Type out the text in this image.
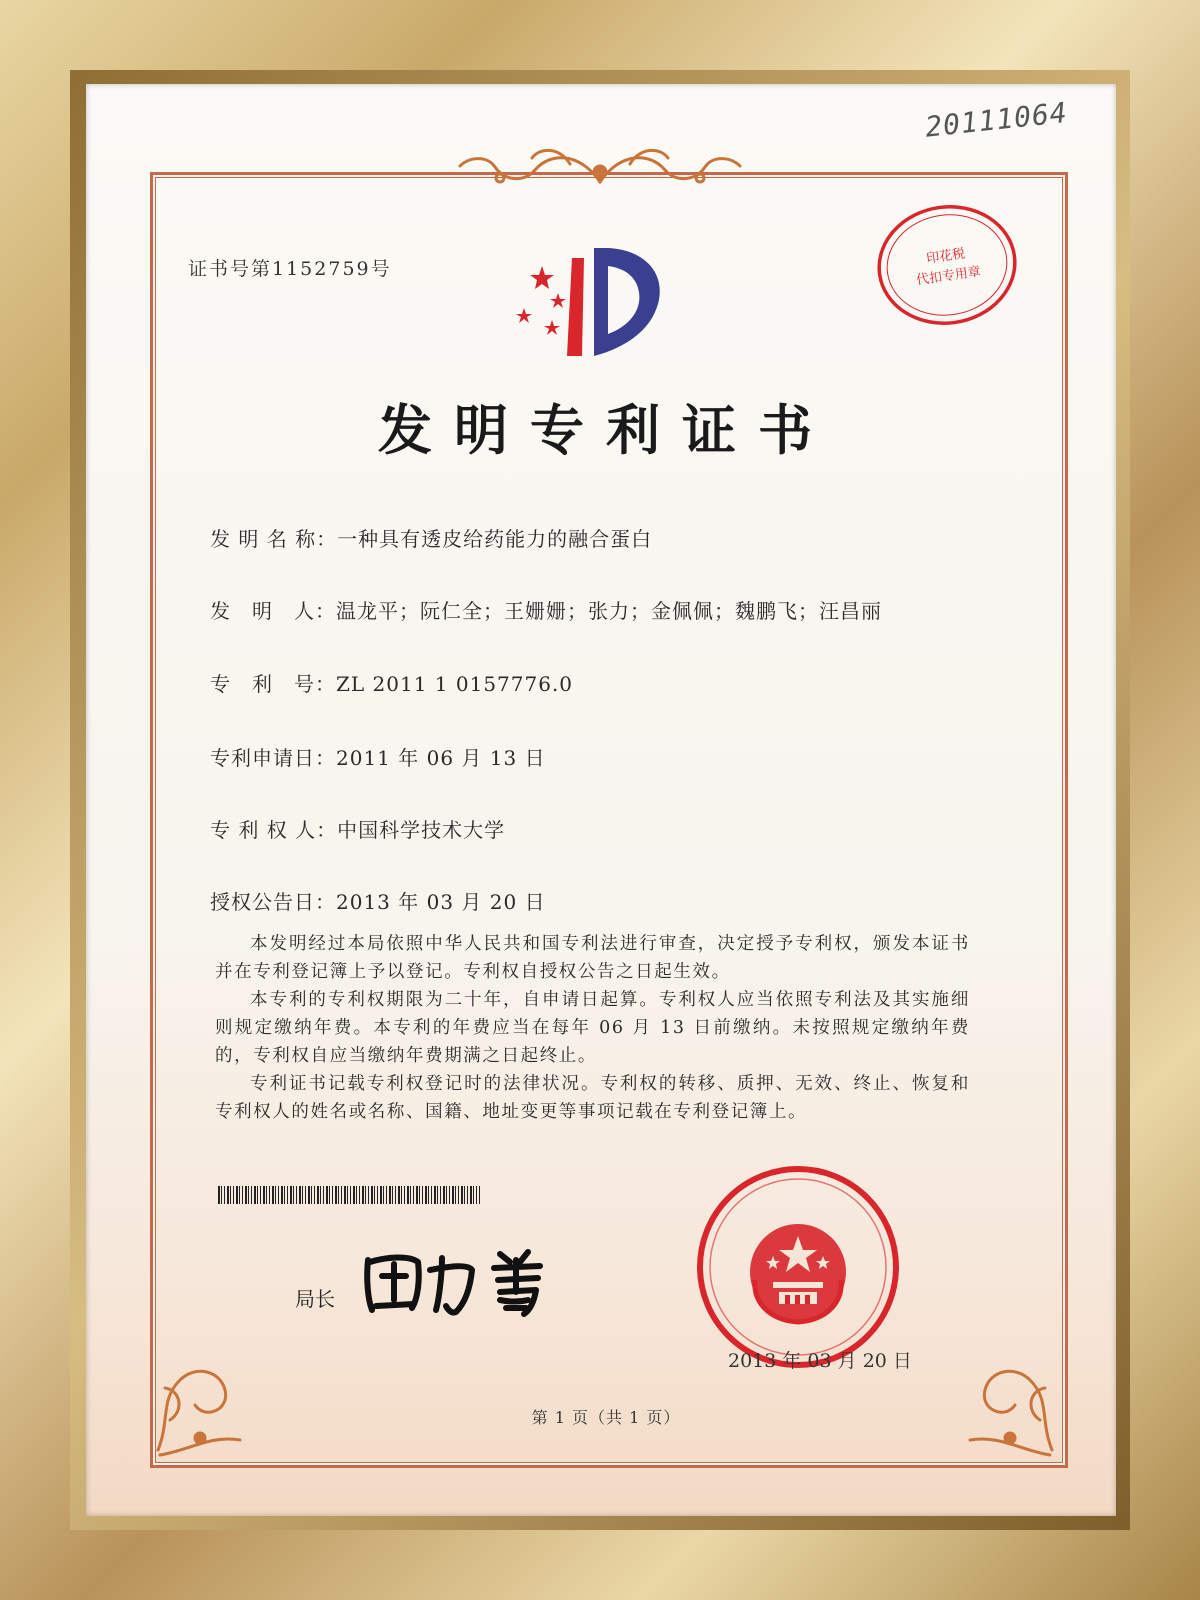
20111064
证书号第1152759号
发明专利证书
发 明 名 称：一种具有透皮给药能力的融合蛋白
发　明　人：温龙平；阮仁全；王姗姗；张力；金佩佩；魏鹏飞；汪昌丽
专　利　号：ZL 2011 1 0157776.0
专利申请日：2011 年 06 月 13 日
专 利 权 人：中国科学技术大学
授权公告日：2013 年 03 月 20 日
本发明经过本局依照中华人民共和国专利法进行审查，决定授予专利权，颁发本证书并在专利登记簿上予以登记。专利权自授权公告之日起生效。
本专利的专利权期限为二十年，自申请日起算。专利权人应当依照专利法及其实施细则规定缴纳年费。本专利的年费应当在每年 06 月 13 日前缴纳。未按照规定缴纳年费的，专利权自应当缴纳年费期满之日起终止。
专利证书记载专利权登记时的法律状况。专利权的转移、质押、无效、终止、恢复和专利权人的姓名或名称、国籍、地址变更等事项记载在专利登记簿上。
局长
印花税
代扣专用章
2013 年 03 月 20 日
第 1 页（共 1 页）
